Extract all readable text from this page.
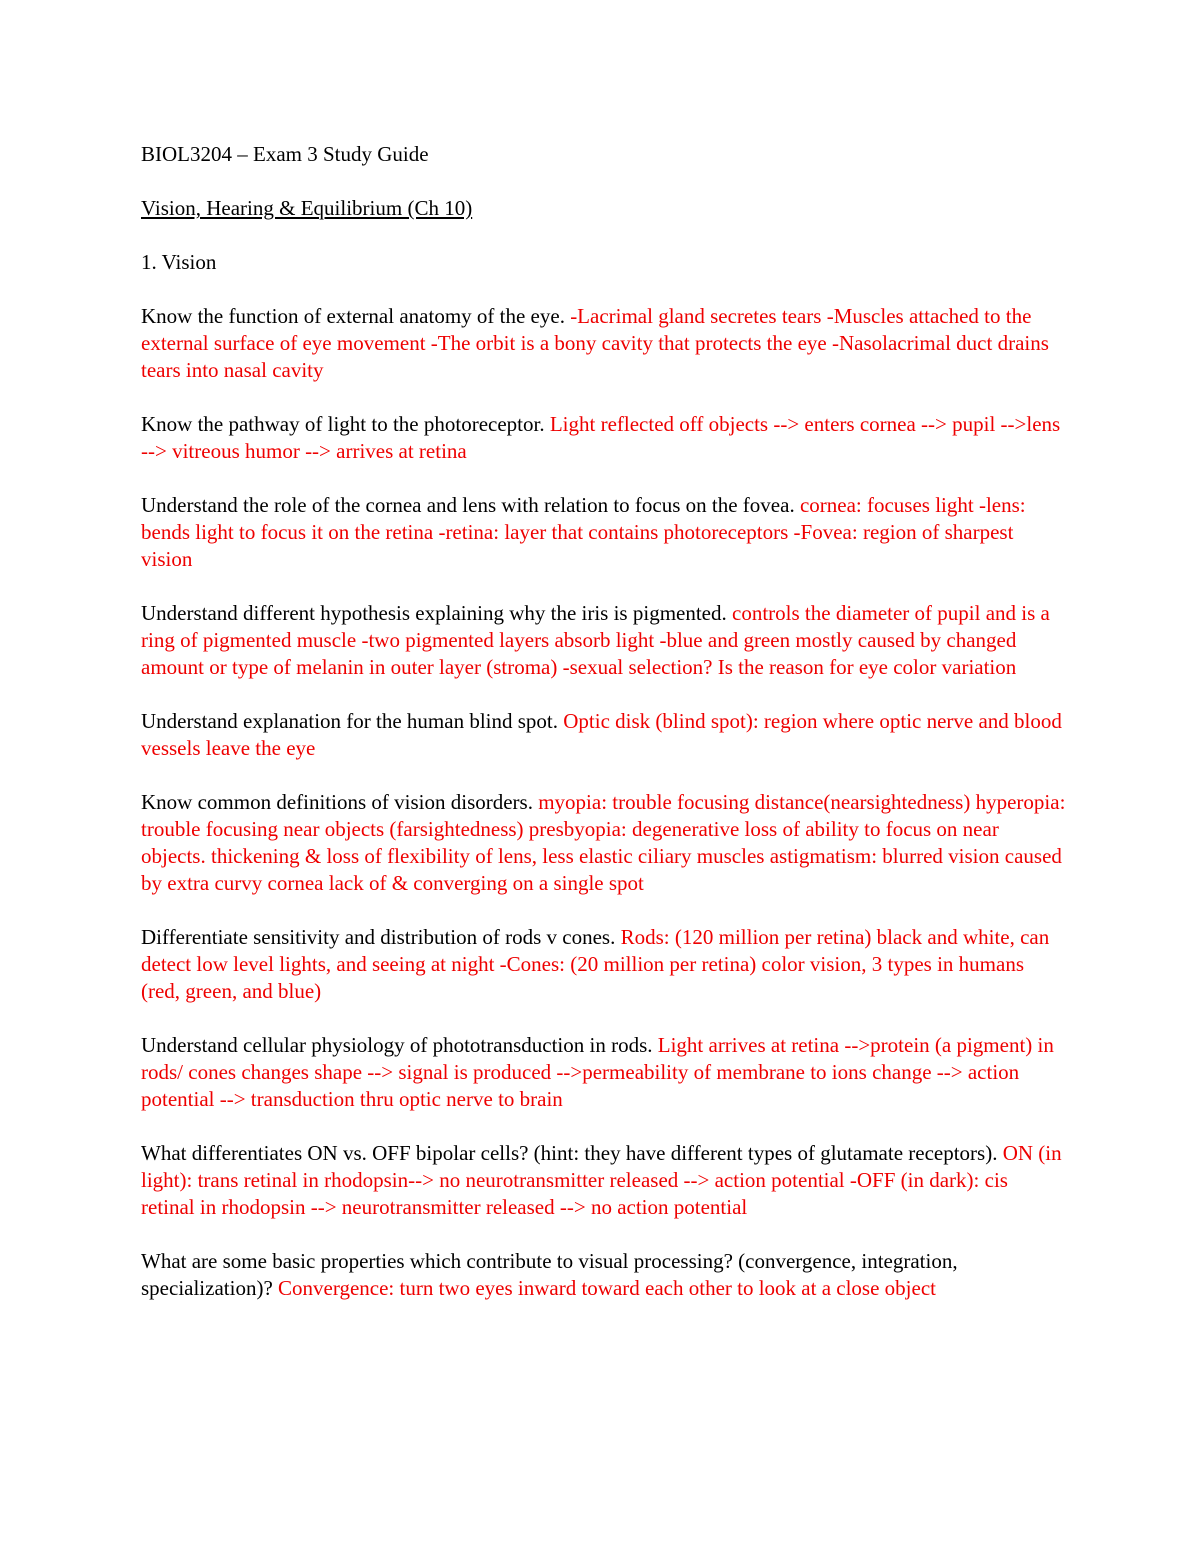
BIOL3204 – Exam 3 Study Guide

Vision, Hearing & Equilibrium (Ch 10)

1. Vision

Know the function of external anatomy of the eye. -Lacrimal gland secretes tears -Muscles attached to the external surface of eye movement -The orbit is a bony cavity that protects the eye -Nasolacrimal duct drains tears into nasal cavity

Know the pathway of light to the photoreceptor. Light reflected off objects --> enters cornea --> pupil -->lens --> vitreous humor --> arrives at retina

Understand the role of the cornea and lens with relation to focus on the fovea. cornea: focuses light -lens: bends light to focus it on the retina -retina: layer that contains photoreceptors -Fovea: region of sharpest vision

Understand different hypothesis explaining why the iris is pigmented. controls the diameter of pupil and is a ring of pigmented muscle -two pigmented layers absorb light -blue and green mostly caused by changed amount or type of melanin in outer layer (stroma) -sexual selection? Is the reason for eye color variation

Understand explanation for the human blind spot. Optic disk (blind spot): region where optic nerve and blood vessels leave the eye

Know common definitions of vision disorders. myopia: trouble focusing distance(nearsightedness) hyperopia: trouble focusing near objects (farsightedness) presbyopia: degenerative loss of ability to focus on near objects. thickening & loss of flexibility of lens, less elastic ciliary muscles astigmatism: blurred vision caused by extra curvy cornea lack of & converging on a single spot

Differentiate sensitivity and distribution of rods v cones. Rods: (120 million per retina) black and white, can detect low level lights, and seeing at night -Cones: (20 million per retina) color vision, 3 types in humans (red, green, and blue)

Understand cellular physiology of phototransduction in rods. Light arrives at retina -->protein (a pigment) in rods/ cones changes shape --> signal is produced -->permeability of membrane to ions change --> action potential --> transduction thru optic nerve to brain

What differentiates ON vs. OFF bipolar cells? (hint: they have different types of glutamate receptors). ON (in light): trans retinal in rhodopsin--> no neurotransmitter released --> action potential -OFF (in dark): cis retinal in rhodopsin --> neurotransmitter released --> no action potential

What are some basic properties which contribute to visual processing? (convergence, integration, specialization)? Convergence: turn two eyes inward toward each other to look at a close object
